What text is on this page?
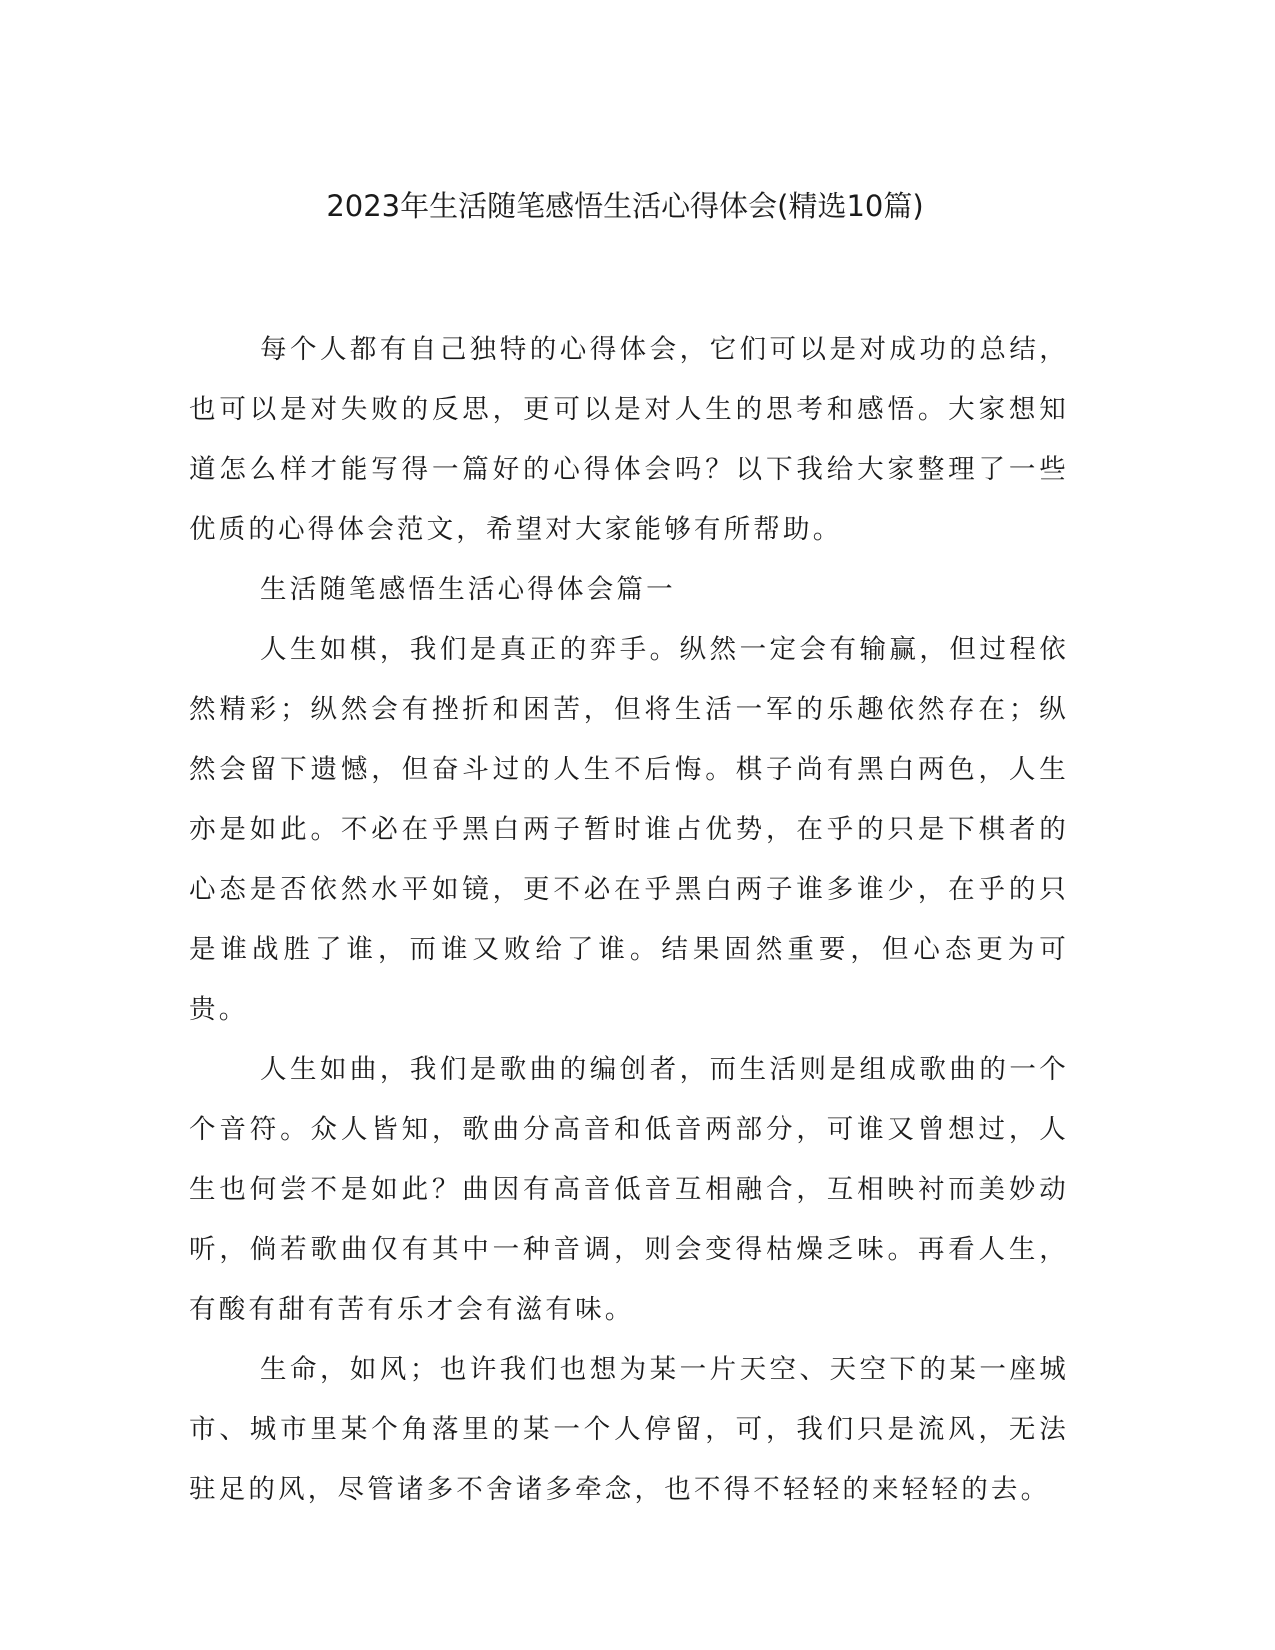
2023年生活随笔感悟生活心得体会(精选10篇)

每个人都有自己独特的心得体会，它们可以是对成功的总结，也可以是对失败的反思，更可以是对人生的思考和感悟。大家想知道怎么样才能写得一篇好的心得体会吗？以下我给大家整理了一些优质的心得体会范文，希望对大家能够有所帮助。

生活随笔感悟生活心得体会篇一

人生如棋，我们是真正的弈手。纵然一定会有输赢，但过程依然精彩；纵然会有挫折和困苦，但将生活一军的乐趣依然存在；纵然会留下遗憾，但奋斗过的人生不后悔。棋子尚有黑白两色，人生亦是如此。不必在乎黑白两子暂时谁占优势，在乎的只是下棋者的心态是否依然水平如镜，更不必在乎黑白两子谁多谁少，在乎的只是谁战胜了谁，而谁又败给了谁。结果固然重要，但心态更为可贵。

人生如曲，我们是歌曲的编创者，而生活则是组成歌曲的一个个音符。众人皆知，歌曲分高音和低音两部分，可谁又曾想过，人生也何尝不是如此？曲因有高音低音互相融合，互相映衬而美妙动听，倘若歌曲仅有其中一种音调，则会变得枯燥乏味。再看人生，有酸有甜有苦有乐才会有滋有味。

生命，如风；也许我们也想为某一片天空、天空下的某一座城市、城市里某个角落里的某一个人停留，可，我们只是流风，无法驻足的风，尽管诸多不舍诸多牵念，也不得不轻轻的来轻轻的去。
